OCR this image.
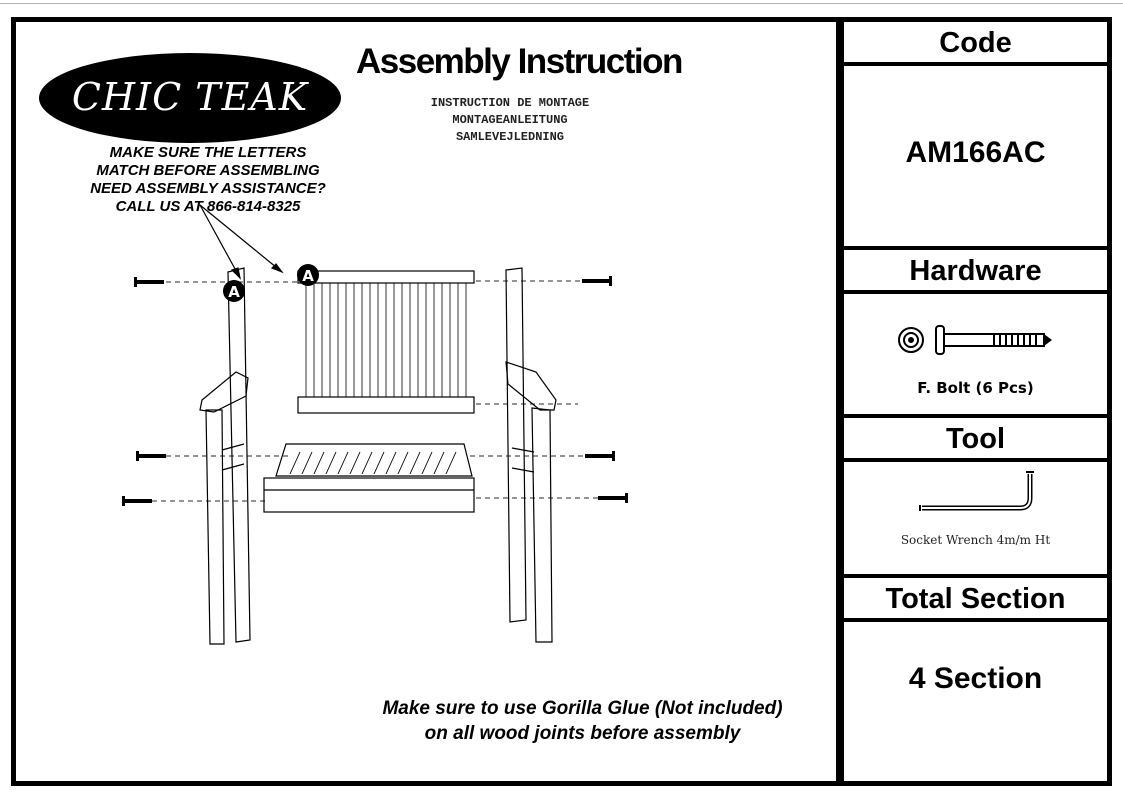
CHIC TEAK
Assembly Instruction
INSTRUCTION DE MONTAGE
MONTAGEANLEITUNG
SAMLEVEJLEDNING
MAKE SURE THE LETTERS
MATCH BEFORE ASSEMBLING
NEED ASSEMBLY ASSISTANCE?
CALL US AT 866-814-8325
A
A
Make sure to use Gorilla Glue (Not included)
on all wood joints before assembly
Code
AM166AC
Hardware
F. Bolt (6 Pcs)
Tool
Socket Wrench 4m/m Ht
Total Section
4 Section
